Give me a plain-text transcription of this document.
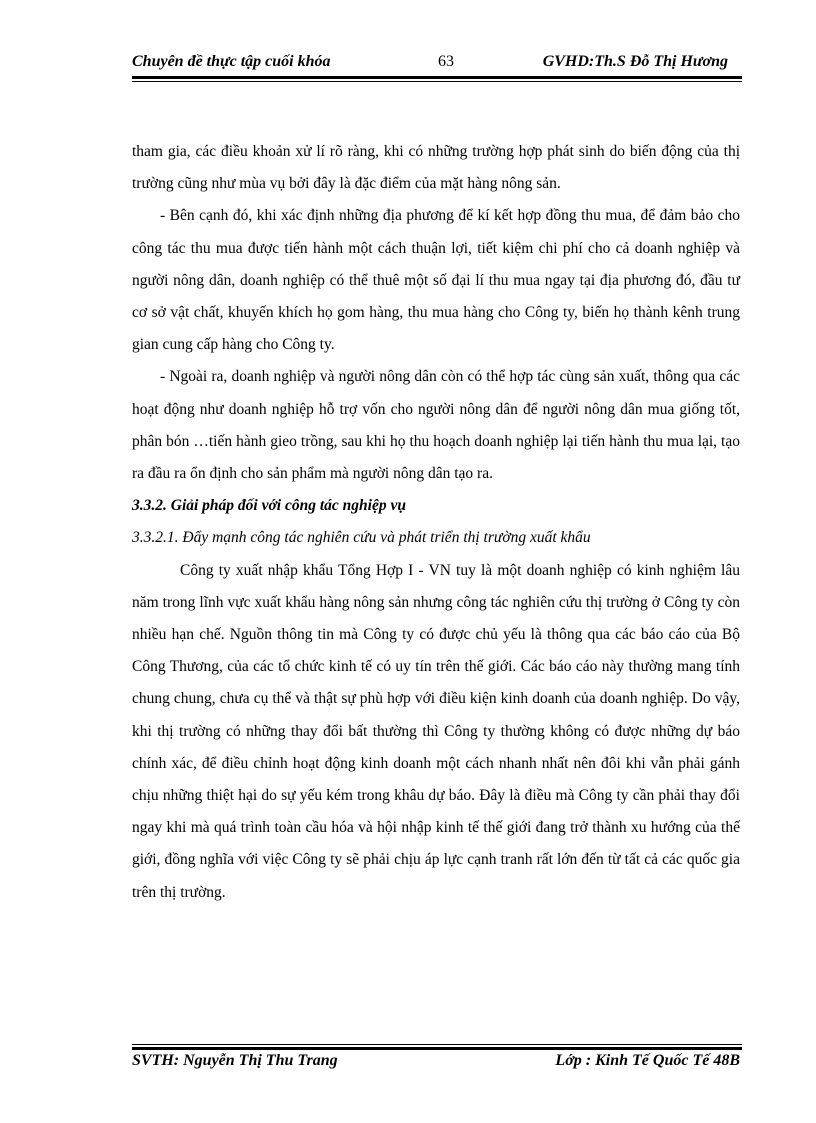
Chuyên đề thực tập cuối khóa	63	GVHD:Th.S Đỗ Thị Hương

tham gia, các điều khoản xử lí rõ ràng, khi có những trường hợp phát sinh do biến động của thị trường cũng như mùa vụ bởi đây là đặc điểm của mặt hàng nông sản.

- Bên cạnh đó, khi xác định những địa phương để kí kết hợp đồng thu mua, để đảm bảo cho công tác thu mua được tiến hành một cách thuận lợi, tiết kiệm chi phí cho cả doanh nghiệp và người nông dân, doanh nghiệp có thể thuê một số đại lí thu mua ngay tại địa phương đó, đầu tư cơ sở vật chất, khuyến khích họ gom hàng, thu mua hàng cho Công ty, biến họ thành kênh trung gian cung cấp hàng cho Công ty.

- Ngoài ra, doanh nghiệp và người nông dân còn có thể hợp tác cùng sản xuất, thông qua các hoạt động như doanh nghiệp hỗ trợ vốn cho người nông dân để người nông dân mua giống tốt, phân bón …tiến hành gieo trồng, sau khi họ thu hoạch doanh nghiệp lại tiến hành thu mua lại, tạo ra đầu ra ổn định cho sản phẩm mà người nông dân tạo ra.

3.3.2. Giải pháp đối với công tác nghiệp vụ

3.3.2.1. Đẩy mạnh công tác nghiên cứu và phát triển thị trường xuất khẩu

Công ty xuất nhập khẩu Tổng Hợp I - VN tuy là một doanh nghiệp có kinh nghiệm lâu năm trong lĩnh vực xuất khẩu hàng nông sản nhưng công tác nghiên cứu thị trường ở Công ty còn nhiều hạn chế. Nguồn thông tin mà Công ty có được chủ yếu là thông qua các báo cáo của Bộ Công Thương, của các tổ chức kinh tế có uy tín trên thế giới. Các báo cáo này thường mang tính chung chung, chưa cụ thể và thật sự phù hợp với điều kiện kinh doanh của doanh nghiệp. Do vậy, khi thị trường có những thay đổi bất thường thì Công ty thường không có được những dự báo chính xác, để điều chỉnh hoạt động kinh doanh một cách nhanh nhất nên đôi khi vẫn phải gánh chịu những thiệt hại do sự yếu kém trong khâu dự báo. Đây là điều mà Công ty cần phải thay đổi ngay khi mà quá trình toàn cầu hóa và hội nhập kinh tế thế giới đang trở thành xu hướng của thế giới, đồng nghĩa với việc Công ty sẽ phải chịu áp lực cạnh tranh rất lớn đến từ tất cả các quốc gia trên thị trường.

SVTH: Nguyễn Thị Thu Trang	Lớp : Kinh Tế Quốc Tế 48B
